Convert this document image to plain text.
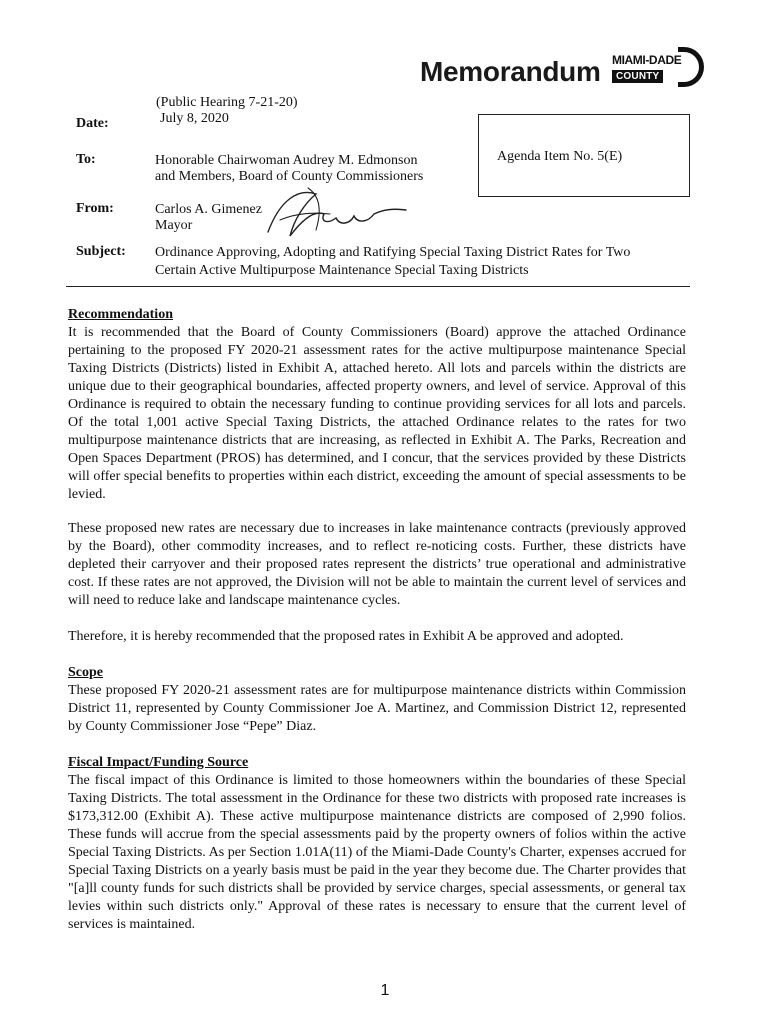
Memorandum MIAMI-DADE
COUNTY
(Public Hearing 7-21-20)
Date:	July 8, 2020
To:	Honorable Chairwoman Audrey M. Edmonson
and Members, Board of County Commissioners
From:	Carlos A. Gimenez
Mayor
Subject: Ordinance Approving, Adopting and Ratifying Special Taxing District Rates for Two
Certain Active Multipurpose Maintenance Special Taxing Districts
Agenda Item No. 5(E)
Recommendation
It is recommended that the Board of County Commissioners (Board) approve the attached Ordinance pertaining to the proposed FY 2020-21 assessment rates for the active multipurpose maintenance Special Taxing Districts (Districts) listed in Exhibit A, attached hereto. All lots and parcels within the districts are unique due to their geographical boundaries, affected property owners, and level of service. Approval of this Ordinance is required to obtain the necessary funding to continue providing services for all lots and parcels. Of the total 1,001 active Special Taxing Districts, the attached Ordinance relates to the rates for two multipurpose maintenance districts that are increasing, as reflected in Exhibit A. The Parks, Recreation and Open Spaces Department (PROS) has determined, and I concur, that the services provided by these Districts will offer special benefits to properties within each district, exceeding the amount of special assessments to be levied.
These proposed new rates are necessary due to increases in lake maintenance contracts (previously approved by the Board), other commodity increases, and to reflect re-noticing costs. Further, these districts have depleted their carryover and their proposed rates represent the districts’ true operational and administrative cost. If these rates are not approved, the Division will not be able to maintain the current level of services and will need to reduce lake and landscape maintenance cycles.
Therefore, it is hereby recommended that the proposed rates in Exhibit A be approved and adopted.
Scope
These proposed FY 2020-21 assessment rates are for multipurpose maintenance districts within Commission District 11, represented by County Commissioner Joe A. Martinez, and Commission District 12, represented by County Commissioner Jose “Pepe” Diaz.
Fiscal Impact/Funding Source
The fiscal impact of this Ordinance is limited to those homeowners within the boundaries of these Special Taxing Districts. The total assessment in the Ordinance for these two districts with proposed rate increases is $173,312.00 (Exhibit A). These active multipurpose maintenance districts are composed of 2,990 folios. These funds will accrue from the special assessments paid by the property owners of folios within the active Special Taxing Districts. As per Section 1.01A(11) of the Miami-Dade County's Charter, expenses accrued for Special Taxing Districts on a yearly basis must be paid in the year they become due. The Charter provides that "[a]ll county funds for such districts shall be provided by service charges, special assessments, or general tax levies within such districts only." Approval of these rates is necessary to ensure that the current level of services is maintained.
1
